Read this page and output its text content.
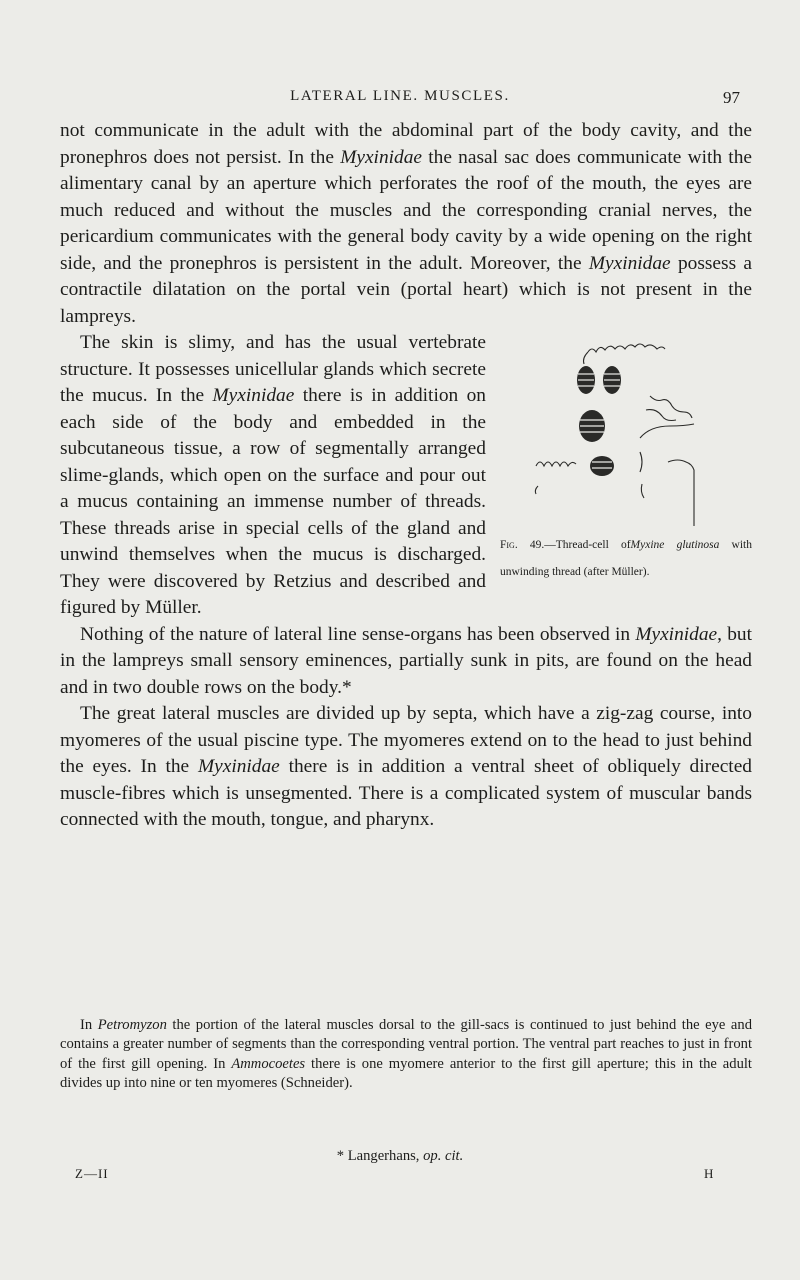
LATERAL LINE. MUSCLES.	97

not communicate in the adult with the abdominal part of the body cavity, and the pronephros does not persist. In the Myxinidae the nasal sac does communicate with the alimentary canal by an aperture which perforates the roof of the mouth, the eyes are much reduced and without the muscles and the corresponding cranial nerves, the pericardium communicates with the general body cavity by a wide opening on the right side, and the pronephros is persistent in the adult. Moreover, the Myxinidae possess a contractile dilatation on the portal vein (portal heart) which is not present in the lampreys.

Fig. 49.—Thread-cell ofMyxine glutinosa with unwinding thread (after Müller).
The skin is slimy, and has the usual vertebrate structure. It possesses unicellular glands which secrete the mucus. In the Myxinidae there is in addition on each side of the body and embedded in the subcutaneous tissue, a row of segmentally arranged slime-glands, which open on the surface and pour out a mucus containing an immense number of threads. These threads arise in special cells of the gland and unwind themselves when the mucus is discharged. They were discovered by Retzius and described and figured by Müller.

Nothing of the nature of lateral line sense-organs has been observed in Myxinidae, but in the lampreys small sensory eminences, partially sunk in pits, are found on the head and in two double rows on the body.*

The great lateral muscles are divided up by septa, which have a zig-zag course, into myomeres of the usual piscine type. The myomeres extend on to the head to just behind the eyes. In the Myxinidae there is in addition a ventral sheet of obliquely directed muscle-fibres which is unsegmented. There is a complicated system of muscular bands connected with the mouth, tongue, and pharynx.

In Petromyzon the portion of the lateral muscles dorsal to the gill-sacs is continued to just behind the eye and contains a greater number of segments than the corresponding ventral portion. The ventral part reaches to just in front of the first gill opening. In Ammocoetes there is one myomere anterior to the first gill aperture; this in the adult divides up into nine or ten myomeres (Schneider).

* Langerhans, op. cit.
Z—II	H
